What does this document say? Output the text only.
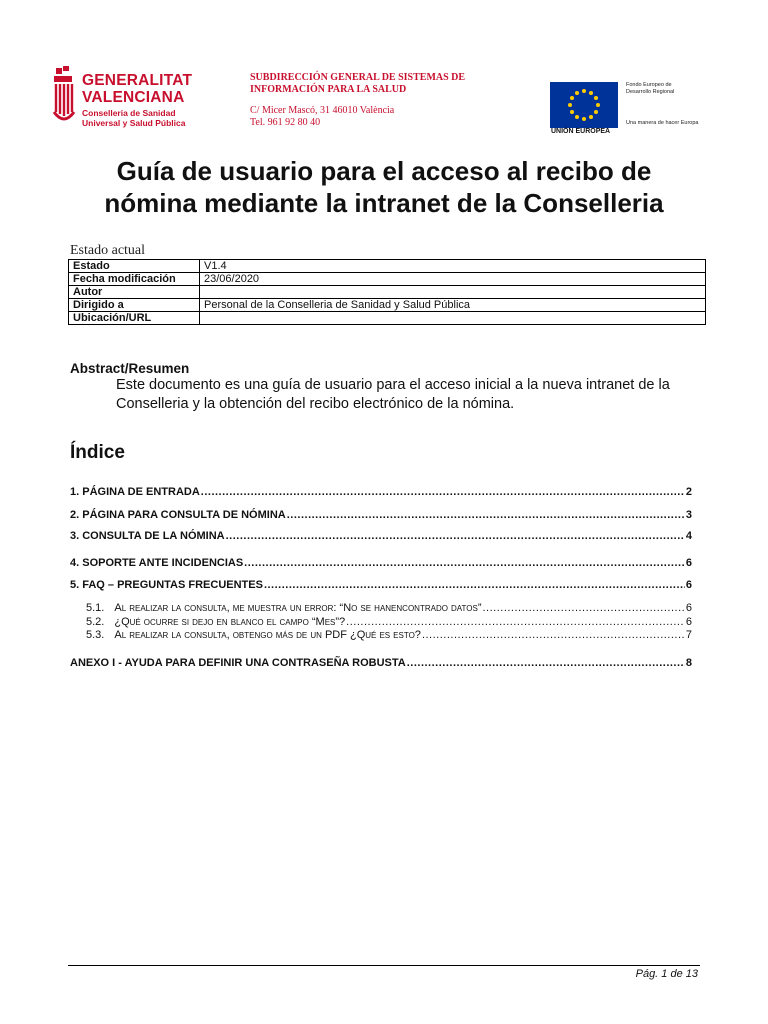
GENERALITAT
VALENCIANA
Conselleria de Sanidad
Universal y Salud Pública
SUBDIRECCIÓN GENERAL DE SISTEMAS DE
INFORMACIÓN PARA LA SALUD
C/ Micer Mascó, 31 46010 València
Tel. 961 92 80 40
UNIÓN EUROPEA
Fondo Europeo de
Desarrollo Regional
Una manera de hacer Europa
Guía de usuario para el acceso al recibo de
nómina mediante la intranet de la Conselleria
Estado actual
Estado	V1.4
Fecha modificación	23/06/2020
Autor	
Dirigido a	Personal de la Conselleria de Sanidad y Salud Pública
Ubicación/URL	
Abstract/Resumen
Este documento es una guía de usuario para el acceso inicial a la nueva intranet de la Conselleria y la obtención del recibo electrónico de la nómina.
Índice
1. PÁGINA DE ENTRADA .....	2
2. PÁGINA PARA CONSULTA DE NÓMINA .....	3
3. CONSULTA DE LA NÓMINA .....	4
4. SOPORTE ANTE INCIDENCIAS .....	6
5. FAQ – PREGUNTAS FRECUENTES .....	6
5.1. Al realizar la consulta, me muestra un error: “No se hanencontrado datos” .....	6
5.2. ¿Qué ocurre si dejo en blanco el campo “Mes”? .....	6
5.3. Al realizar la consulta, obtengo más de un PDF ¿Qué es esto? .....	7
ANEXO I - AYUDA PARA DEFINIR UNA CONTRASEÑA ROBUSTA .....	8
Pág. 1 de 13
